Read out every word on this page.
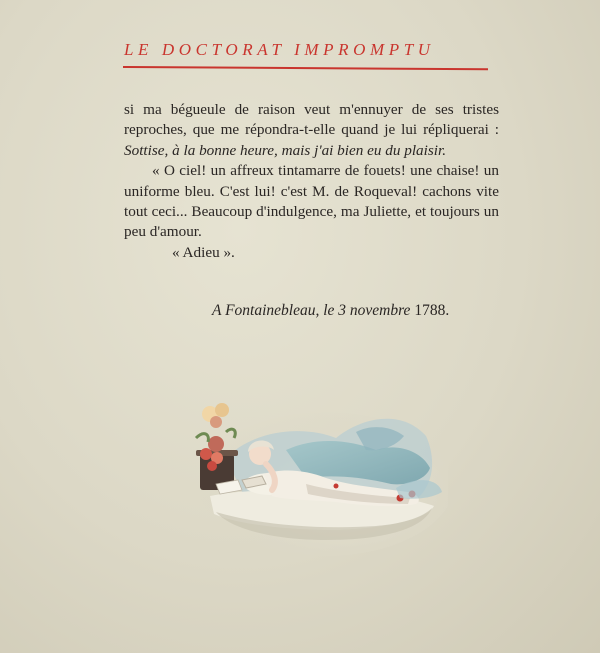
LE DOCTORAT IMPROMPTU

si ma bégueule de raison veut m'ennuyer de ses tristes reproches, que me répondra-t-elle quand je lui répliquerai : Sottise, à la bonne heure, mais j'ai bien eu du plaisir.

« O ciel! un affreux tintamarre de fouets! une chaise! un uniforme bleu. C'est lui! c'est M. de Roqueval! cachons vite tout ceci... Beaucoup d'indulgence, ma Juliette, et toujours un peu d'amour.

« Adieu ».

A Fontainebleau, le 3 novembre 1788.
